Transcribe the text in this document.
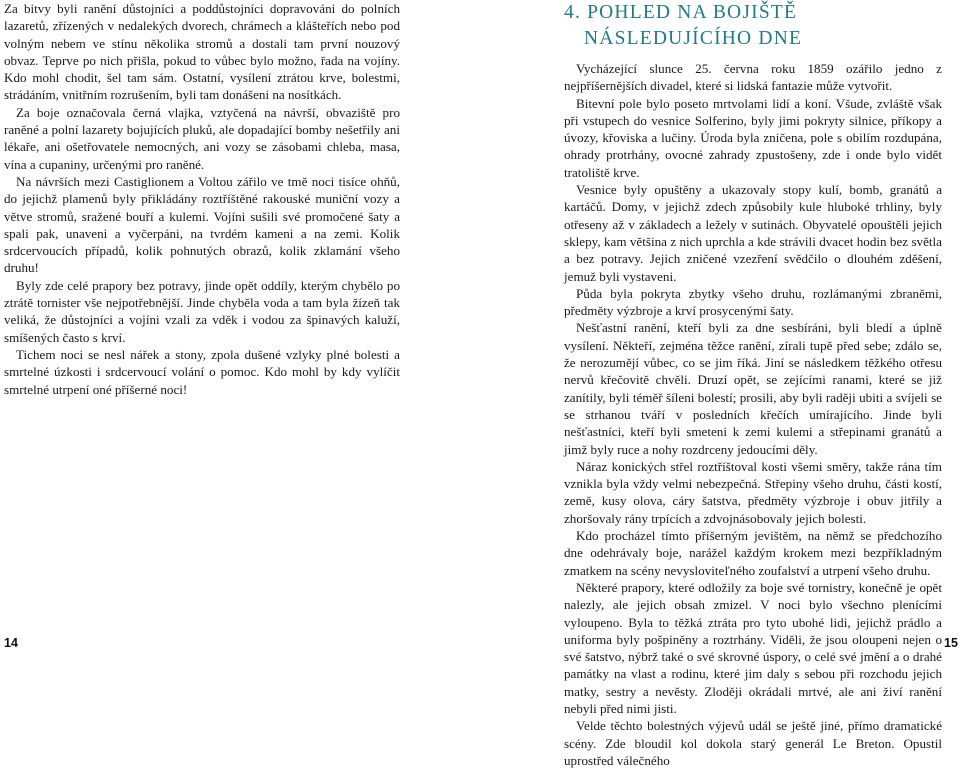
Za bitvy byli ranění důstojníci a poddůstojníci dopravováni do polních lazaretů, zřízených v nedalekých dvorech, chrámech a klášteřích nebo pod volným nebem ve stínu několika stromů a dostali tam první nouzový obvaz. Teprve po nich přišla, pokud to vůbec bylo možno, řada na vojíny. Kdo mohl chodit, šel tam sám. Ostatní, vysílení ztrátou krve, bolestmi, strádáním, vnitřním rozrušením, byli tam donášeni na nosítkách.

Za boje označovala černá vlajka, vztyčená na návrší, obvaziště pro raněné a polní lazarety bojujících pluků, ale dopadající bomby nešetřily ani lékaře, ani ošetřovatele nemocných, ani vozy se zásobami chleba, masa, vína a cupaniny, určenými pro raněné.

Na návrších mezi Castiglionem a Voltou zářilo ve tmě noci tisíce ohňů, do jejichž plamenů byly přikládány roztříštěné rakouské muniční vozy a větve stromů, sražené bouří a kulemi. Vojíni sušili své promočené šaty a spali pak, unaveni a vyčerpáni, na tvrdém kameni a na zemi. Kolik srdcervoucích případů, kolik pohnutých obrazů, kolik zklamání všeho druhu!

Byly zde celé prapory bez potravy, jinde opět oddíly, kterým chybělo po ztrátě tornister vše nejpotřebnější. Jinde chyběla voda a tam byla žízeň tak veliká, že důstojníci a vojíni vzali za vděk i vodou za špinavých kaluží, smíšených často s krví.

Tichem noci se nesl nářek a stony, zpola dušené vzlyky plné bolesti a smrtelné úzkosti i srdcervoucí volání o pomoc. Kdo mohl by kdy vylíčit smrtelné utrpení oné příšerné noci!

14
4. POHLED NA BOJIŠTĚ
NÁSLEDUJÍCÍHO DNE

Vycházející slunce 25. června roku 1859 ozářilo jedno z nejpříšernějších divadel, které si lidská fantazie může vytvořit.

Bitevní pole bylo poseto mrtvolami lidí a koní. Všude, zvláště však při vstupech do vesnice Solferino, byly jimi pokryty silnice, příkopy a úvozy, křoviska a lučiny. Úroda byla zničena, pole s obilím rozdupána, ohrady protrhány, ovocné zahrady zpustošeny, zde i onde bylo vidět tratoliště krve.

Vesnice byly opuštěny a ukazovaly stopy kulí, bomb, granátů a kartáčů. Domy, v jejichž zdech způsobily kule hluboké trhliny, byly otřeseny až v základech a ležely v sutinách. Obyvatelé opouštěli jejich sklepy, kam většina z nich uprchla a kde strávili dvacet hodin bez světla a bez potravy. Jejich zničené vzezření svědčilo o dlouhém zděšení, jemuž byli vystaveni.

Půda byla pokryta zbytky všeho druhu, rozlámanými zbraněmi, předměty výzbroje a krví prosycenými šaty.

Nešťastní ranění, kteří byli za dne sesbíráni, byli bledí a úplně vysílení. Někteří, zejména těžce ranění, zírali tupě před sebe; zdálo se, že nerozumějí vůbec, co se jim říká. Jiní se následkem těžkého otřesu nervů křečovitě chvěli. Druzí opět, se zejícími ranami, které se již zanítily, byli téměř šíleni bolestí; prosili, aby byli raději ubiti a svíjeli se se strhanou tváří v posledních křečích umírajícího. Jinde byli nešťastníci, kteří byli smeteni k zemi kulemi a střepinami granátů a jimž byly ruce a nohy rozdrceny jedoucími děly.

Náraz konických střel roztříštoval kosti všemi směry, takže rána tím vznikla byla vždy velmi nebezpečná. Střepiny všeho druhu, části kostí, země, kusy olova, cáry šatstva, předměty výzbroje i obuv jitřily a zhoršovaly rány trpících a zdvojnásobovaly jejich bolesti.

Kdo procházel tímto příšerným jevištěm, na němž se předchozího dne odehrávaly boje, narážel každým krokem mezi bezpříkladným zmatkem na scény nevysloviteľného zoufalství a utrpení všeho druhu.

Některé prapory, které odložily za boje své tornistry, konečně je opět nalezly, ale jejich obsah zmizel. V noci bylo všechno plenícími vyloupeno. Byla to těžká ztráta pro tyto ubohé lidi, jejichž prádlo a uniforma byly pošpiněny a roztrhány. Viděli, že jsou oloupeni nejen o své šatstvo, nýbrž také o své skrovné úspory, o celé své jmění a o drahé památky na vlast a rodinu, které jim daly s sebou při rozchodu jejich matky, sestry a nevěsty. Zloději okrádali mrtvé, ale ani živí ranění nebyli před nimi jisti.

Velde těchto bolestných výjevů udál se ještě jiné, přímo dramatické scény. Zde bloudil kol dokola starý generál Le Breton. Opustil uprostřed válečného

15
